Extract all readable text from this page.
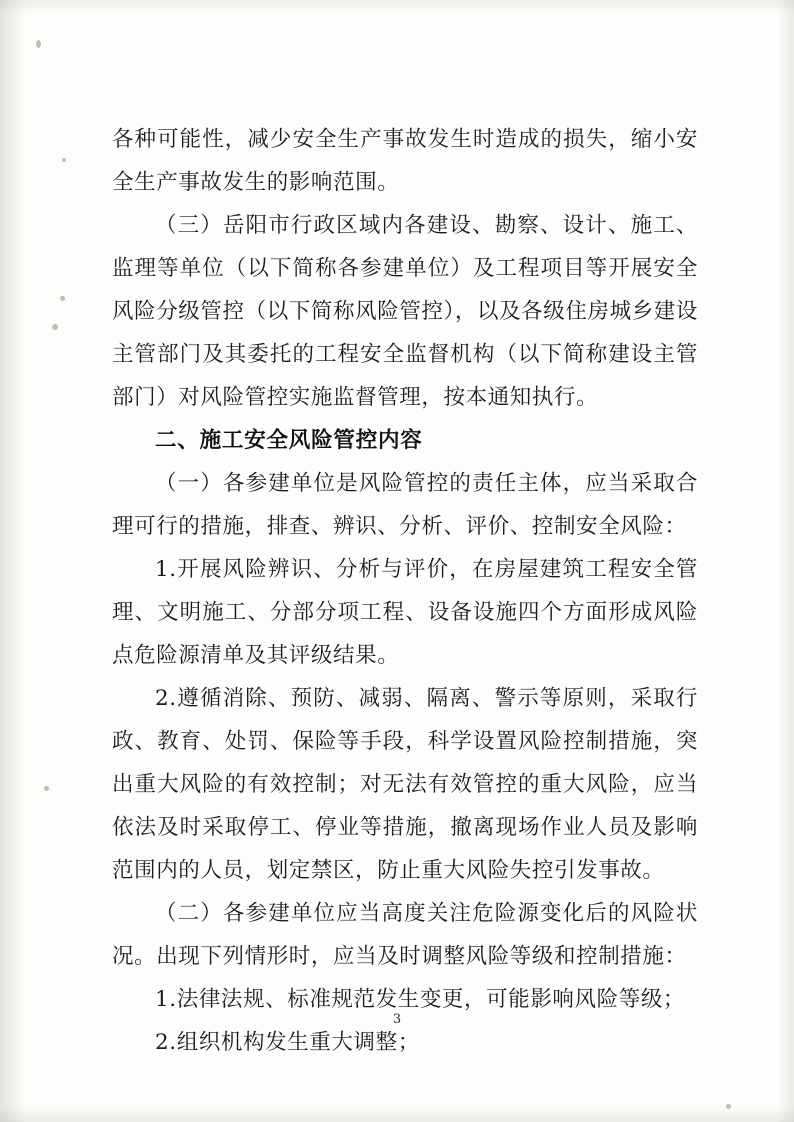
各种可能性，减少安全生产事故发生时造成的损失，缩小安全生产事故发生的影响范围。

（三）岳阳市行政区域内各建设、勘察、设计、施工、监理等单位（以下简称各参建单位）及工程项目等开展安全风险分级管控（以下简称风险管控），以及各级住房城乡建设主管部门及其委托的工程安全监督机构（以下简称建设主管部门）对风险管控实施监督管理，按本通知执行。

二、施工安全风险管控内容

（一）各参建单位是风险管控的责任主体，应当采取合理可行的措施，排查、辨识、分析、评价、控制安全风险：

1.开展风险辨识、分析与评价，在房屋建筑工程安全管理、文明施工、分部分项工程、设备设施四个方面形成风险点危险源清单及其评级结果。

2.遵循消除、预防、减弱、隔离、警示等原则，采取行政、教育、处罚、保险等手段，科学设置风险控制措施，突出重大风险的有效控制；对无法有效管控的重大风险，应当依法及时采取停工、停业等措施，撤离现场作业人员及影响范围内的人员，划定禁区，防止重大风险失控引发事故。

（二）各参建单位应当高度关注危险源变化后的风险状况。出现下列情形时，应当及时调整风险等级和控制措施：

1.法律法规、标准规范发生变更，可能影响风险等级；

2.组织机构发生重大调整；

3
